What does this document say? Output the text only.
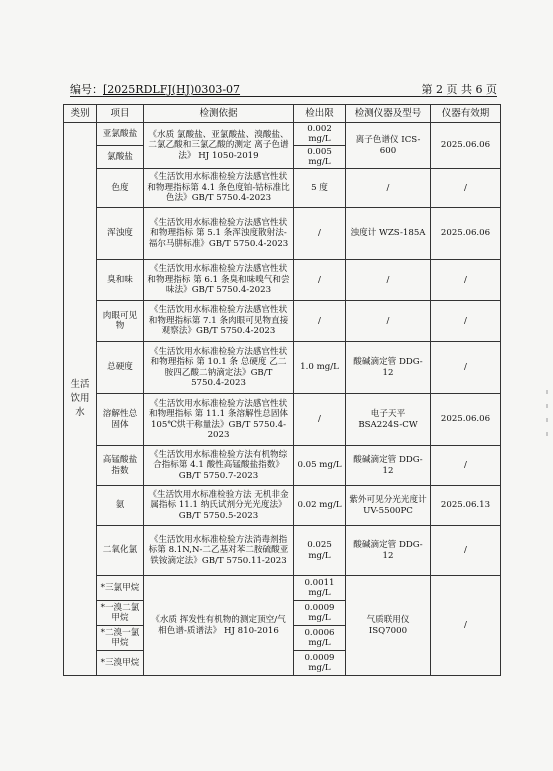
编号：[2025RDLFJ(HJ)0303-07	第 2 页 共 6 页
类别	项目	检测依据	检出限	检测仪器及型号	仪器有效期

生活饮用水	亚氯酸盐	《水质 氯酸盐、亚氯酸盐、溴酸盐、二氯乙酸和三氯乙酸的测定 离子色谱法》 HJ 1050-2019	0.002 mg/L	离子色谱仪 ICS-600	2025.06.06
	氯酸盐		0.005 mg/L		
	色度	《生活饮用水标准检验方法感官性状和物理指标第 4.1 条色度铂-钴标准比色法》GB/T 5750.4-2023	5 度	/	/
	浑浊度	《生活饮用水标准检验方法感官性状和物理指标 第 5.1 条浑浊度散射法-福尔马肼标准》GB/T 5750.4-2023	/	浊度计 WZS-185A	2025.06.06
	臭和味	《生活饮用水标准检验方法感官性状和物理指标 第 6.1 条臭和味嗅气和尝味法》GB/T 5750.4-2023	/	/	/
	肉眼可见物	《生活饮用水标准检验方法感官性状和物理指标第 7.1 条肉眼可见物直接观察法》GB/T 5750.4-2023	/	/	/
	总硬度	《生活饮用水标准检验方法感官性状和物理指标 第 10.1 条 总硬度 乙二胺四乙酸二钠滴定法》GB/T 5750.4-2023	1.0 mg/L	酸碱滴定管 DDG-12	/
	溶解性总固体	《生活饮用水标准检验方法感官性状和物理指标 第 11.1 条溶解性总固体 105℃烘干称量法》GB/T 5750.4-2023	/	电子天平 BSA224S-CW	2025.06.06
	高锰酸盐指数	《生活饮用水标准检验方法有机物综合指标第 4.1 酸性高锰酸盐指数》GB/T 5750.7-2023	0.05 mg/L	酸碱滴定管 DDG-12	/
	氨	《生活饮用水标准检验方法 无机非金属指标 11.1 纳氏试剂分光光度法》GB/T 5750.5-2023	0.02 mg/L	紫外可见分光光度计 UV-5500PC	2025.06.13
	二氧化氯	《生活饮用水标准检验方法消毒剂指标第 8.1N,N-二乙基对苯二胺硫酸亚铁铵滴定法》GB/T 5750.11-2023	0.025 mg/L	酸碱滴定管 DDG-12	/
	*三氯甲烷	《水质 挥发性有机物的测定顶空/气相色谱-质谱法》 HJ 810-2016	0.0011 mg/L	气质联用仪 ISQ7000	/
	*一溴二氯甲烷		0.0009 mg/L		
	*二溴一氯甲烷		0.0006 mg/L		
	*三溴甲烷		0.0009 mg/L		
